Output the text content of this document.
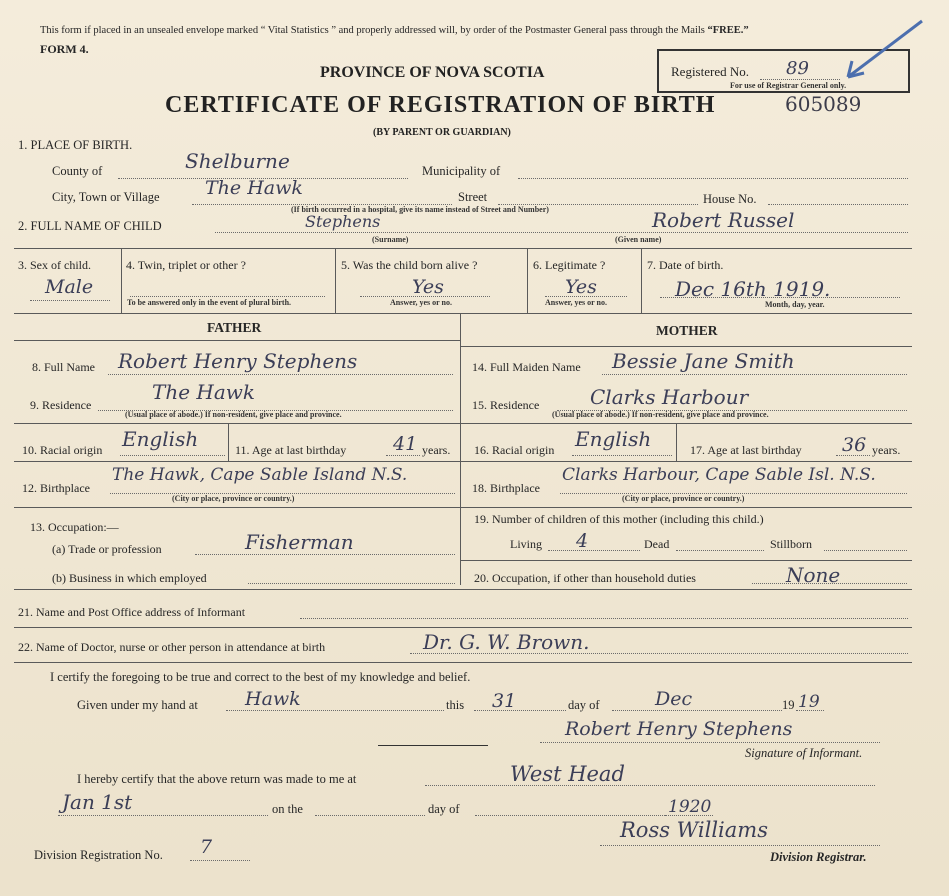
This form if placed in an unsealed envelope marked “ Vital Statistics ” and properly addressed will, by order of the Postmaster General pass through the Mails “FREE.”
FORM 4.
PROVINCE OF NOVA SCOTIA
CERTIFICATE OF REGISTRATION OF BIRTH
(BY PARENT OR GUARDIAN)
Registered No. 89
For use of Registrar General only.
605089
1. PLACE OF BIRTH.
County of	Shelburne	Municipality of
City, Town or Village The Hawk	Street	House No.
(If birth occurred in a hospital, give its name instead of Street and Number)
2. FULL NAME OF CHILD	Stephens
(Surname)
Robert Russel
(Given name)
3. Sex of child.
Male
4. Twin, triplet or other ?
To be answered only in the event of plural birth.
5. Was the child born alive ?
Yes
Answer, yes or no.
6. Legitimate ?
Yes
Answer, yes or no.
7. Date of birth.
Dec 16th 1919.
Month, day, year.
FATHER	MOTHER
8. Full Name Robert Henry Stephens	14. Full Maiden Name Bessie Jane Smith
9. Residence
The Hawk
(Usual place of abode.) If non-resident, give place and province.
15. Residence	Clarks Harbour
(Usual place of abode.) If non-resident, give place and province.
10. Racial origin English	11. Age at last birthday 41 years. 16. Racial origin English	17. Age at last birthday 36 years.
12. Birthplace
The Hawk, Cape Sable Island N.S.
(City or place, province or country.)
18. Birthplace
Clarks Harbour, Cape Sable Isl. N.S.
(City or place, province or country.)
13. Occupation:—
(a) Trade or profession	Fisherman
(b) Business in which employed
19. Number of children of this mother (including this child.)
Living 4	Dead	Stillborn
20. Occupation, if other than household duties	None
21. Name and Post Office address of Informant
22. Name of Doctor, nurse or other person in attendance at birth	Dr. G. W. Brown.
I certify the foregoing to be true and correct to the best of my knowledge and belief.
Given under my hand at Hawk	this 31	day of	Dec	19 19
Robert Henry Stephens
Signature of Informant.
I hereby certify that the above return was made to me at	West Head
Jan 1st	on the	day of	1920
Ross Williams
Division Registration No. 7	Division Registrar.
